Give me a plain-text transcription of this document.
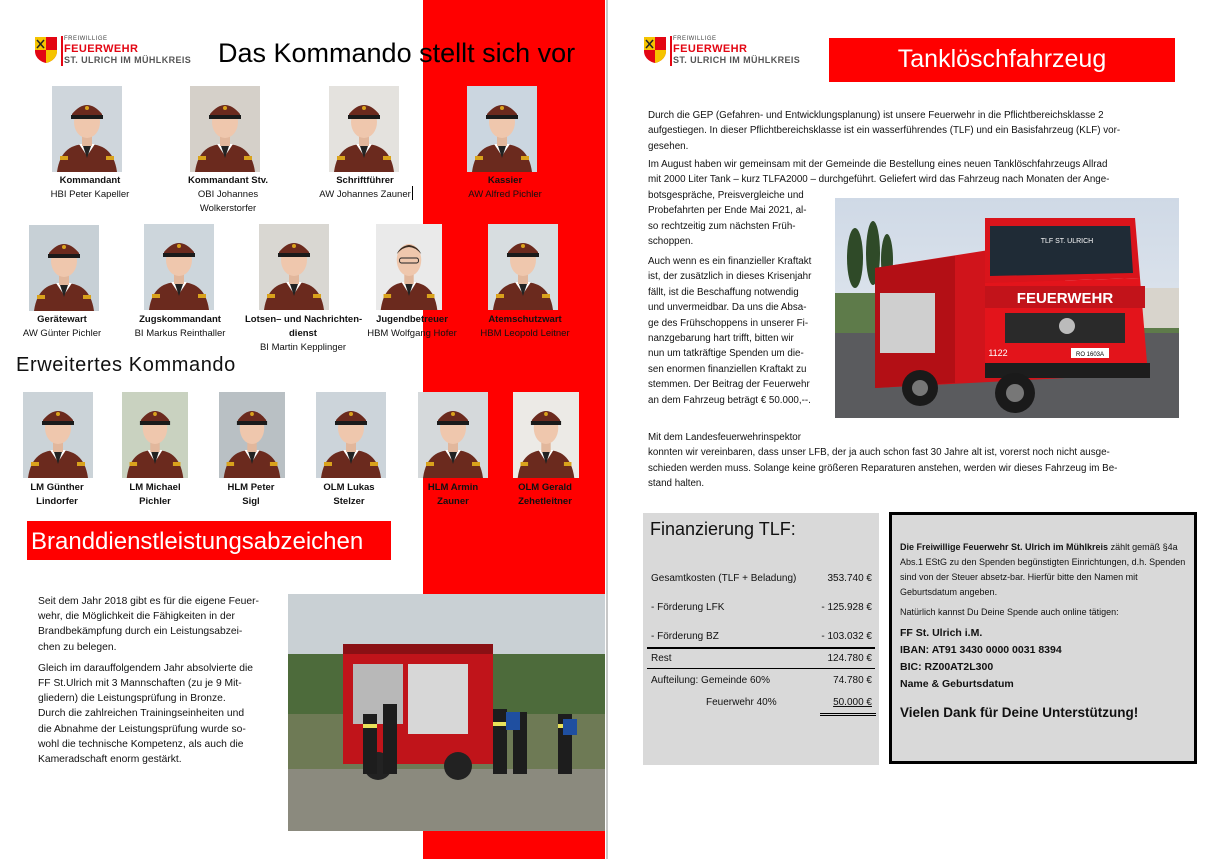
FREIWILLIGE
FEUERWEHR
ST. ULRICH IM MÜHLKREIS Das Kommando stellt sich vor
Kommandant
HBI Peter Kapeller
Kommandant Stv.
OBI Johannes
Wolkerstorfer
Schriftführer
AW Johannes Zauner
Kassier
AW Alfred Pichler
Gerätewart
AW Günter Pichler
Zugskommandant
BI Markus Reinthaller
Lotsen– und Nachrichten-
dienst
BI Martin Kepplinger
Jugendbetreuer
HBM Wolfgang Hofer
Atemschutzwart
HBM Leopold Leitner
Erweitertes Kommando
LM Günther
Lindorfer
LM Michael
Pichler
HLM Peter
Sigl
OLM Lukas
Stelzer
HLM Armin
Zauner
OLM Gerald
Zehetleitner
Branddienstleistungsabzeichen

Seit dem Jahr 2018 gibt es für die eigene Feuer-
wehr, die Möglichkeit die Fähigkeiten in der
Brandbekämpfung durch ein Leistungsabzei-
chen zu belegen.

Gleich im darauffolgendem Jahr absolvierte die
FF St.Ulrich mit 3 Mannschaften (zu je 9 Mit-
gliedern) die Leistungsprüfung in Bronze.
Durch die zahlreichen Trainingseinheiten und
die Abnahme der Leistungsprüfung wurde so-
wohl die technische Kompetenz, als auch die
Kameradschaft enorm gestärkt.

FREIWILLIGE
FEUERWEHR
ST. ULRICH IM MÜHLKREIS	Tanklöschfahrzeug
Durch die GEP (Gefahren- und Entwicklungsplanung) ist unsere Feuerwehr in die Pflichtbereichsklasse 2
aufgestiegen. In dieser Pflichtbereichsklasse ist ein wasserführendes (TLF) und ein Basisfahrzeug (KLF) vor-
gesehen.
Im August haben wir gemeinsam mit der Gemeinde die Bestellung eines neuen Tanklöschfahrzeugs Allrad
mit 2000 Liter Tank – kurz TLFA2000 – durchgeführt. Geliefert wird das Fahrzeug nach Monaten der Ange-
botsgespräche, Preisvergleiche und
Probefahrten per Ende Mai 2021, al-
so rechtzeitig zum nächsten Früh-
schoppen.
Auch wenn es ein finanzieller Kraftakt
ist, der zusätzlich in dieses Krisenjahr
fällt, ist die Beschaffung notwendig
und unvermeidbar. Da uns die Absa-
ge des Frühschoppens in unserer Fi-
nanzgebarung hart trifft, bitten wir
nun um tatkräftige Spenden um die-
sen enormen finanziellen Kraftakt zu
stemmen. Der Beitrag der Feuerwehr
an dem Fahrzeug beträgt € 50.000,--.
Mit dem Landesfeuerwehrinspektor
konnten wir vereinbaren, dass unser LFB, der ja auch schon fast 30 Jahre alt ist, vorerst noch nicht ausge-
schieden werden muss. Solange keine größeren Reparaturen anstehen, werden wir dieses Fahrzeug im Be-
stand halten.
FEUERWEHR
TLF ST. ULRICH
RO 1603A
1122
Finanzierung TLF:
Gesamtkosten (TLF + Beladung)	353.740 €
- Förderung LFK	- 125.928 €
- Förderung BZ	- 103.032 €
Rest	124.780 €
Aufteilung: Gemeinde 60%	74.780 €
Feuerwehr 40%	50.000 €

Die Freiwillige Feuerwehr St. Ulrich im Mühlkreis zählt gemäß §4a Abs.1 EStG zu den Spenden begünstigten Einrichtungen, d.h. Spenden sind von der Steuer absetz-bar. Hierfür bitte den Namen mit Geburtsdatum angeben.

Natürlich kannst Du Deine Spende auch online tätigen:

FF St. Ulrich i.M.
IBAN: AT91 3430 0000 0031 8394
BIC: RZ00AT2L300
Name & Geburtsdatum
Vielen Dank für Deine Unterstützung!
